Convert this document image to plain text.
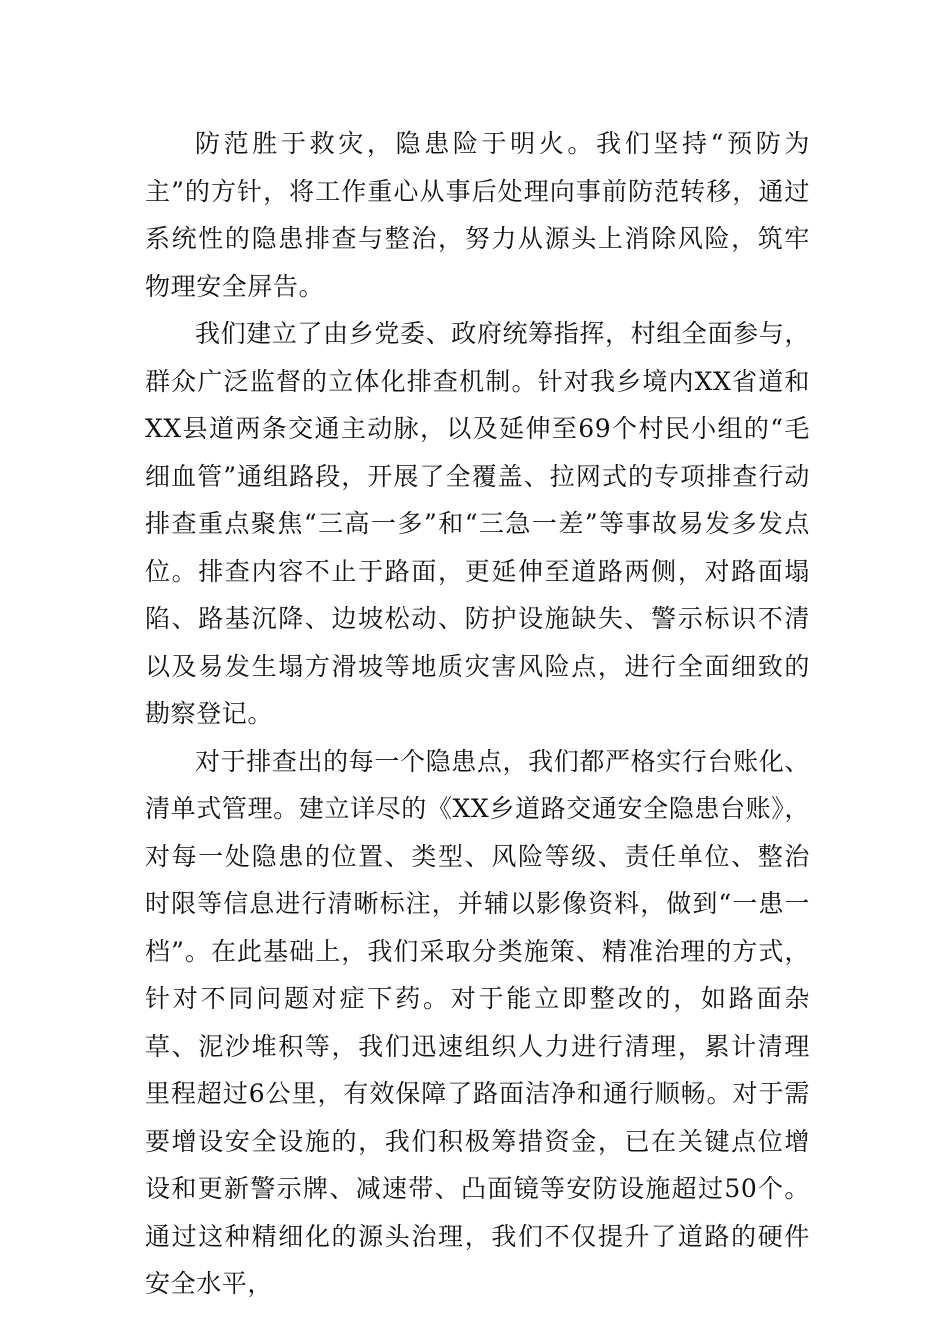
防范胜于救灾，隐患险于明火。我们坚持“预防为主”的方针，将工作重心从事后处理向事前防范转移，通过系统性的隐患排查与整治，努力从源头上消除风险，筑牢物理安全屏告。

我们建立了由乡党委、政府统筹指挥，村组全面参与，群众广泛监督的立体化排查机制。针对我乡境内XX省道和XX县道两条交通主动脉，以及延伸至69个村民小组的“毛细血管”通组路段，开展了全覆盖、拉网式的专项排查行动排查重点聚焦“三高一多”和“三急一差”等事故易发多发点位。排查内容不止于路面，更延伸至道路两侧，对路面塌陷、路基沉降、边坡松动、防护设施缺失、警示标识不清以及易发生塌方滑坡等地质灾害风险点，进行全面细致的勘察登记。

对于排查出的每一个隐患点，我们都严格实行台账化、清单式管理。建立详尽的《XX乡道路交通安全隐患台账》，对每一处隐患的位置、类型、风险等级、责任单位、整治时限等信息进行清晰标注，并辅以影像资料，做到“一患一档”。在此基础上，我们采取分类施策、精准治理的方式，针对不同问题对症下药。对于能立即整改的，如路面杂草、泥沙堆积等，我们迅速组织人力进行清理，累计清理里程超过6公里，有效保障了路面洁净和通行顺畅。对于需要增设安全设施的，我们积极筹措资金，已在关键点位增设和更新警示牌、减速带、凸面镜等安防设施超过50个。通过这种精细化的源头治理，我们不仅提升了道路的硬件安全水平，
